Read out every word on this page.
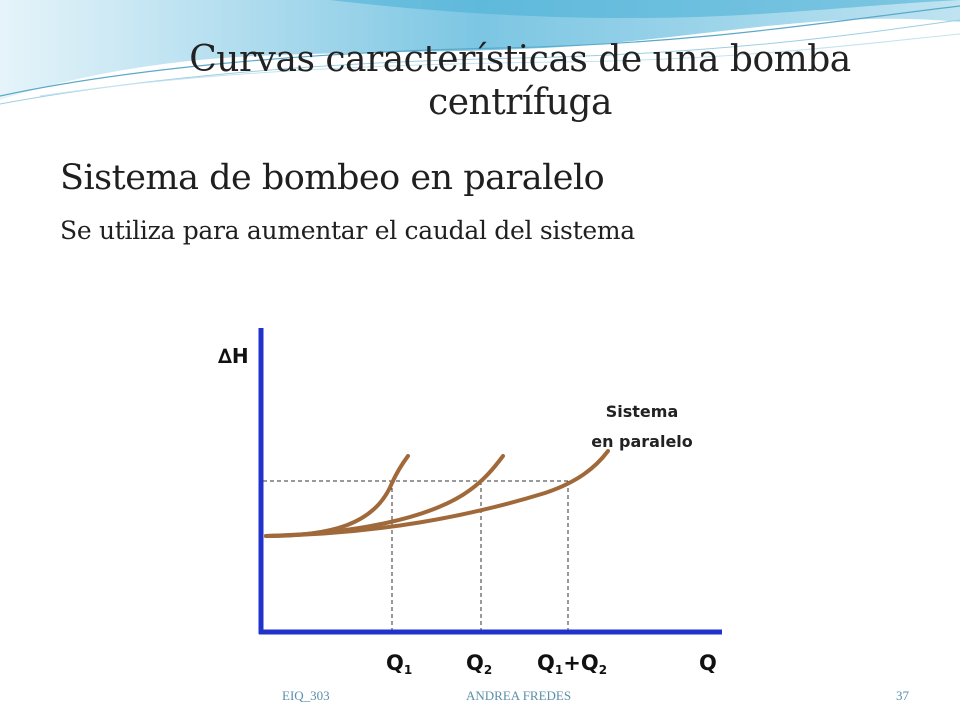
Curvas características de una bomba
centrífuga
Sistema de bombeo en paralelo
Se utiliza para aumentar el caudal del sistema
∆H
Sistema
en paralelo
Q1	Q2 Q1+Q2	Q
EIQ_303	ANDREA FREDES	37
